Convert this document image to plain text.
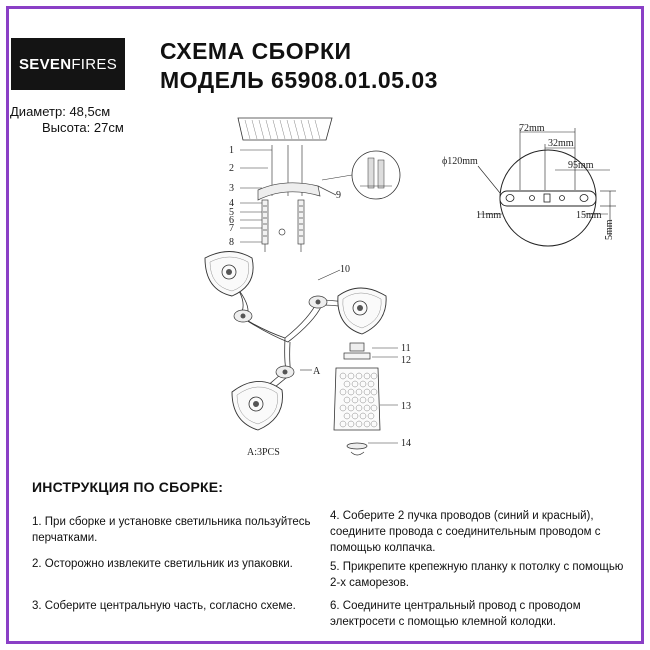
SEVEN FIRES СХЕМА СБОРКИ
МОДЕЛЬ 65908.01.05.03
Диаметр: 48,5см
Высота: 27см
1
2
3
4
5
6
7
8
9
10
11
12
13
14
A
A:3PCS
72mm
32mm
95mm
ϕ120mm
11mm	15mm
5mm
ИНСТРУКЦИЯ ПО СБОРКЕ:
1. При сборке и установке светильника пользуйтесь перчатками.
2. Осторожно извлеките светильник из упаковки.
3. Соберите центральную часть, согласно схеме.
4. Соберите 2 пучка проводов (синий и красный), соедините провода с соединительным проводом с помощью колпачка.
5. Прикрепите крепежную планку к потолку с помощью 2-х саморезов.
6. Соедините центральный провод с проводом электросети с помощью клемной колодки.
